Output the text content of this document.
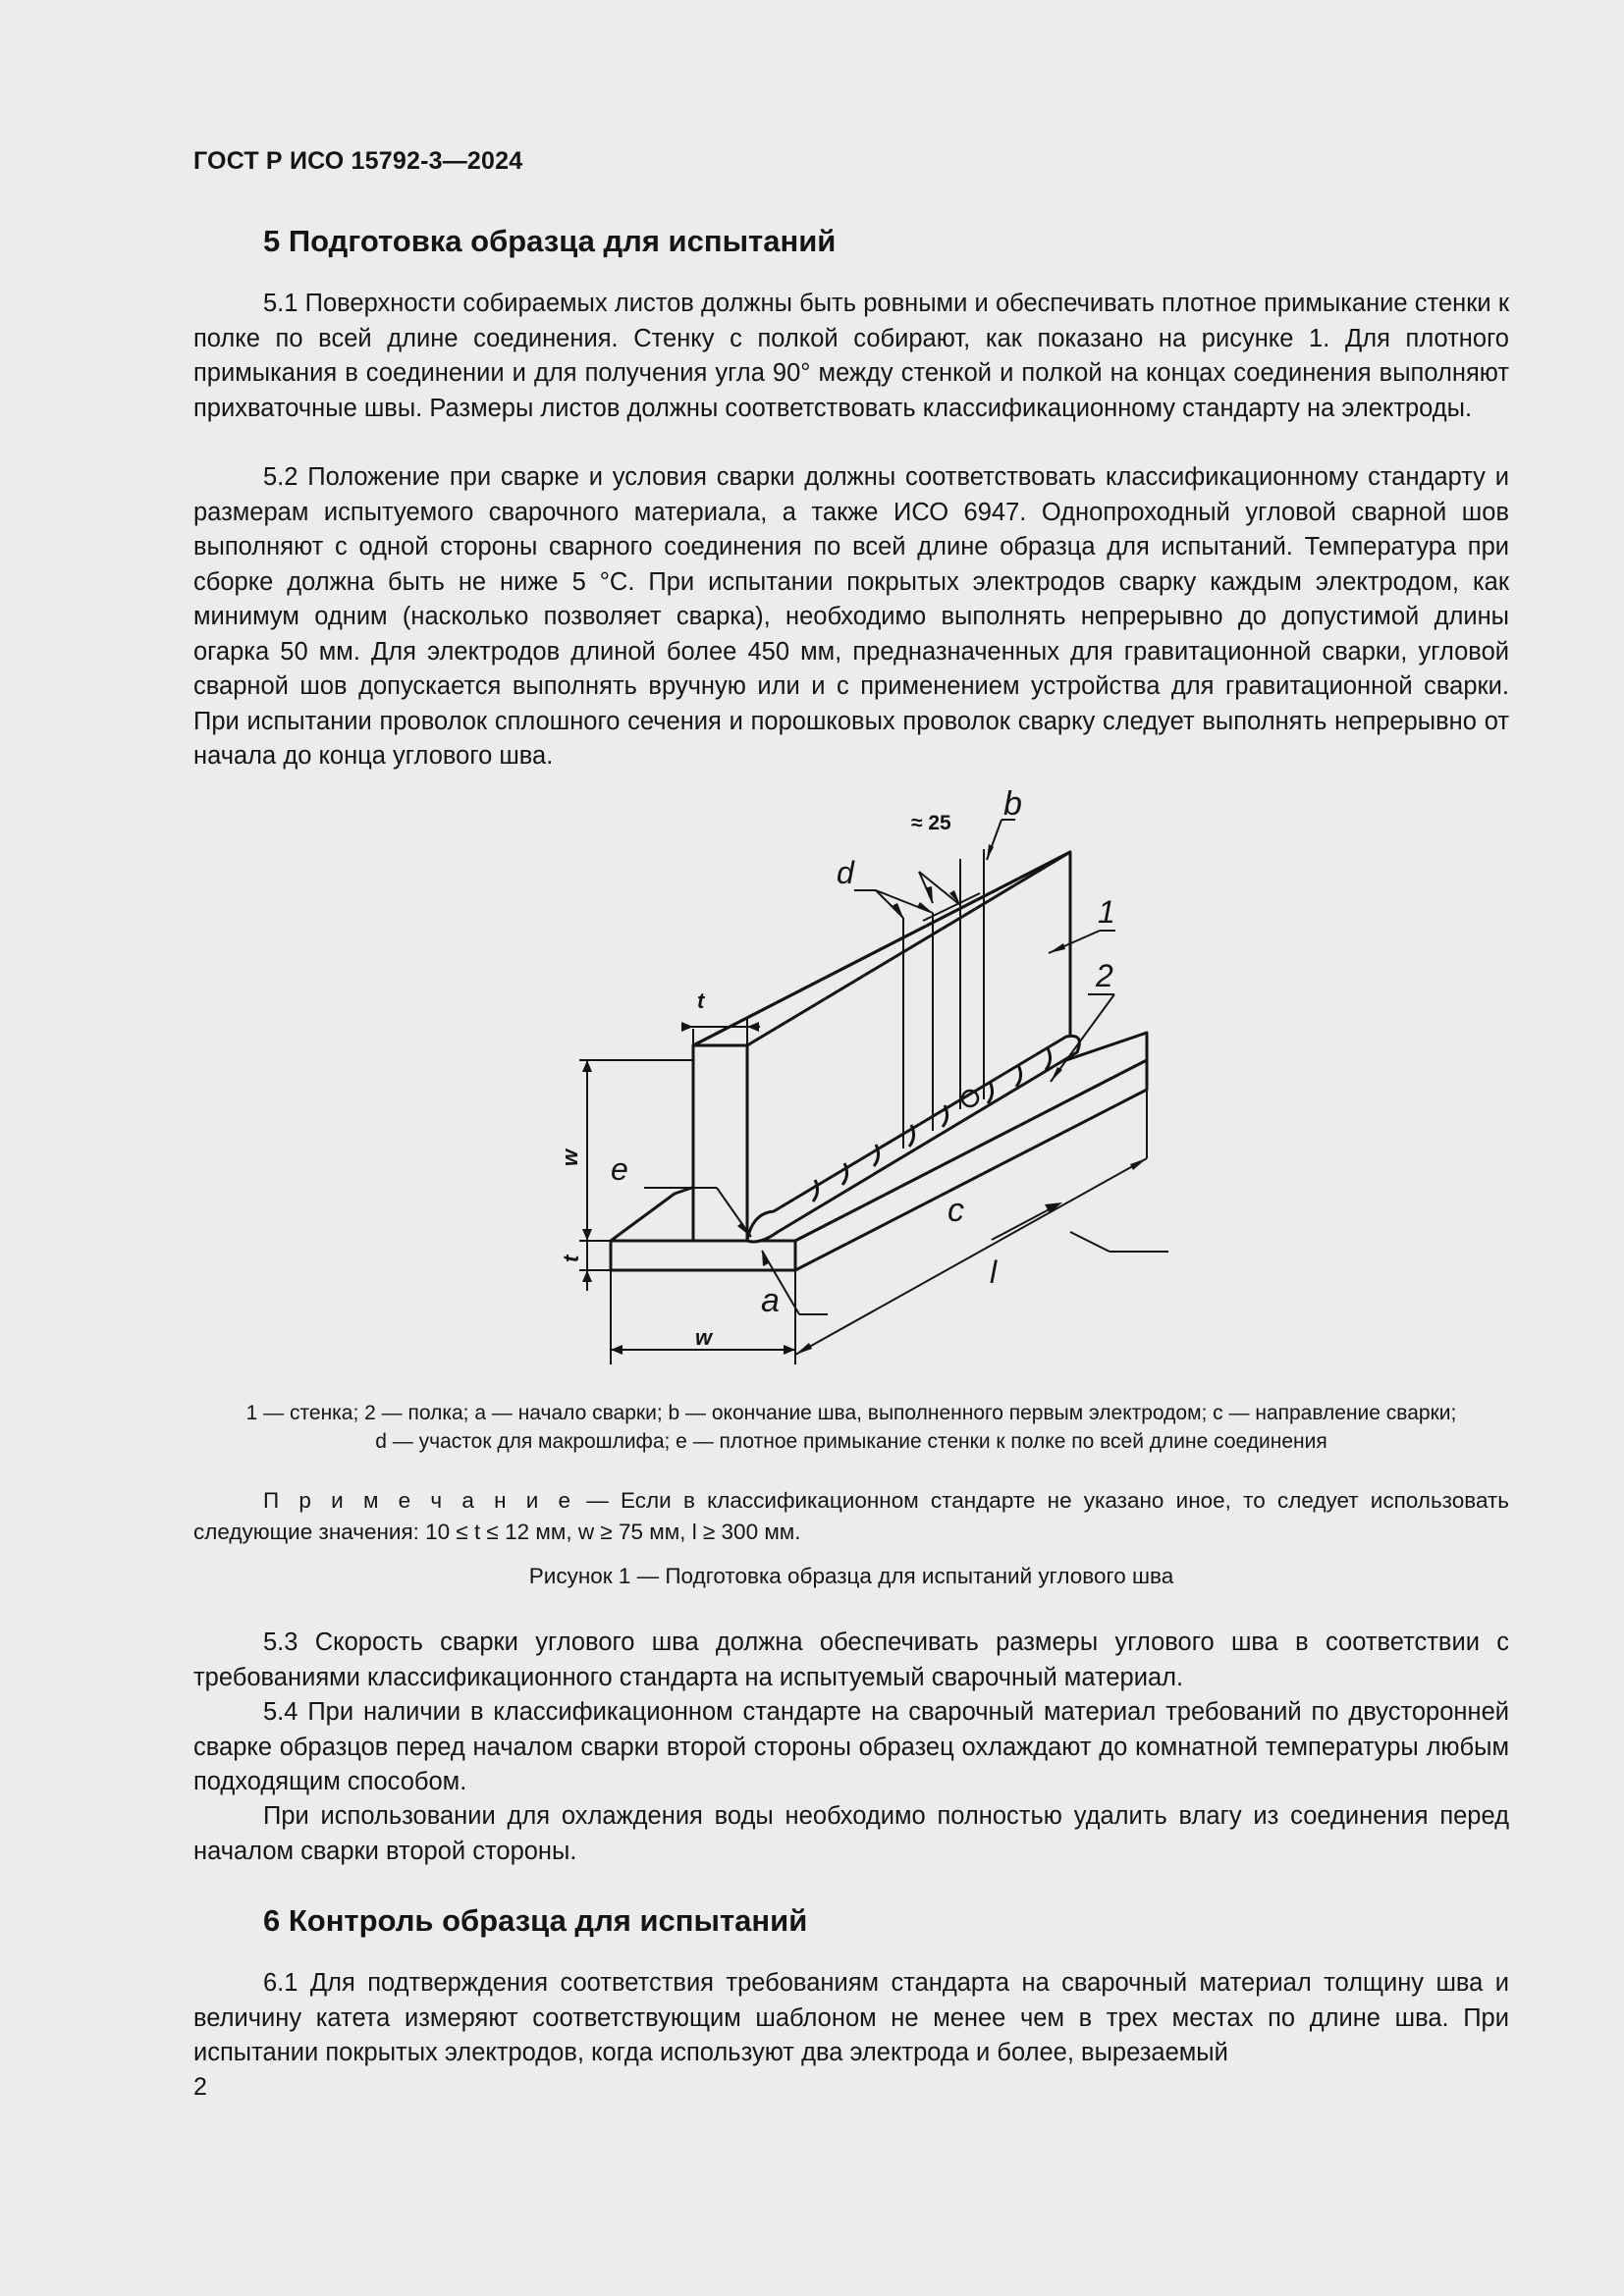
ГОСТ Р ИСО 15792-3—2024
5 Подготовка образца для испытаний

5.1 Поверхности собираемых листов должны быть ровными и обеспечивать плотное примыкание стенки к полке по всей длине соединения. Стенку с полкой собирают, как показано на рисунке 1. Для плотного примыкания в соединении и для получения угла 90° между стенкой и полкой на концах соединения выполняют прихваточные швы. Размеры листов должны соответствовать классификационному стандарту на электроды.

5.2 Положение при сварке и условия сварки должны соответствовать классификационному стандарту и размерам испытуемого сварочного материала, а также ИСО 6947. Однопроходный угловой сварной шов выполняют с одной стороны сварного соединения по всей длине образца для испытаний. Температура при сборке должна быть не ниже 5 °С. При испытании покрытых электродов сварку каждым электродом, как минимум одним (насколько позволяет сварка), необходимо выполнять непрерывно до допустимой длины огарка 50 мм. Для электродов длиной более 450 мм, предназначенных для гравитационной сварки, угловой сварной шов допускается выполнять вручную или и с применением устройства для гравитационной сварки. При испытании проволок сплошного сечения и порошковых проволок сварку следует выполнять непрерывно от начала до конца углового шва.

≈ 25
b
d
1
2
t
w e
t
c
l
a
w

1 — стенка; 2 — полка; а — начало сварки; b — окончание шва, выполненного первым электродом; c — направление сварки;
d — участок для макрошлифа; e — плотное примыкание стенки к полке по всей длине соединения

П р и м е ч а н и е — Если в классификационном стандарте не указано иное, то следует использовать следующие значения: 10 ≤ t ≤ 12 мм, w ≥ 75 мм, l ≥ 300 мм.

Рисунок 1 — Подготовка образца для испытаний углового шва

5.3 Скорость сварки углового шва должна обеспечивать размеры углового шва в соответствии с требованиями классификационного стандарта на испытуемый сварочный материал.

5.4 При наличии в классификационном стандарте на сварочный материал требований по двусторонней сварке образцов перед началом сварки второй стороны образец охлаждают до комнатной температуры любым подходящим способом.

При использовании для охлаждения воды необходимо полностью удалить влагу из соединения перед началом сварки второй стороны.

6 Контроль образца для испытаний

6.1 Для подтверждения соответствия требованиям стандарта на сварочный материал толщину шва и величину катета измеряют соответствующим шаблоном не менее чем в трех местах по длине шва. При испытании покрытых электродов, когда используют два электрода и более, вырезаемый

2
